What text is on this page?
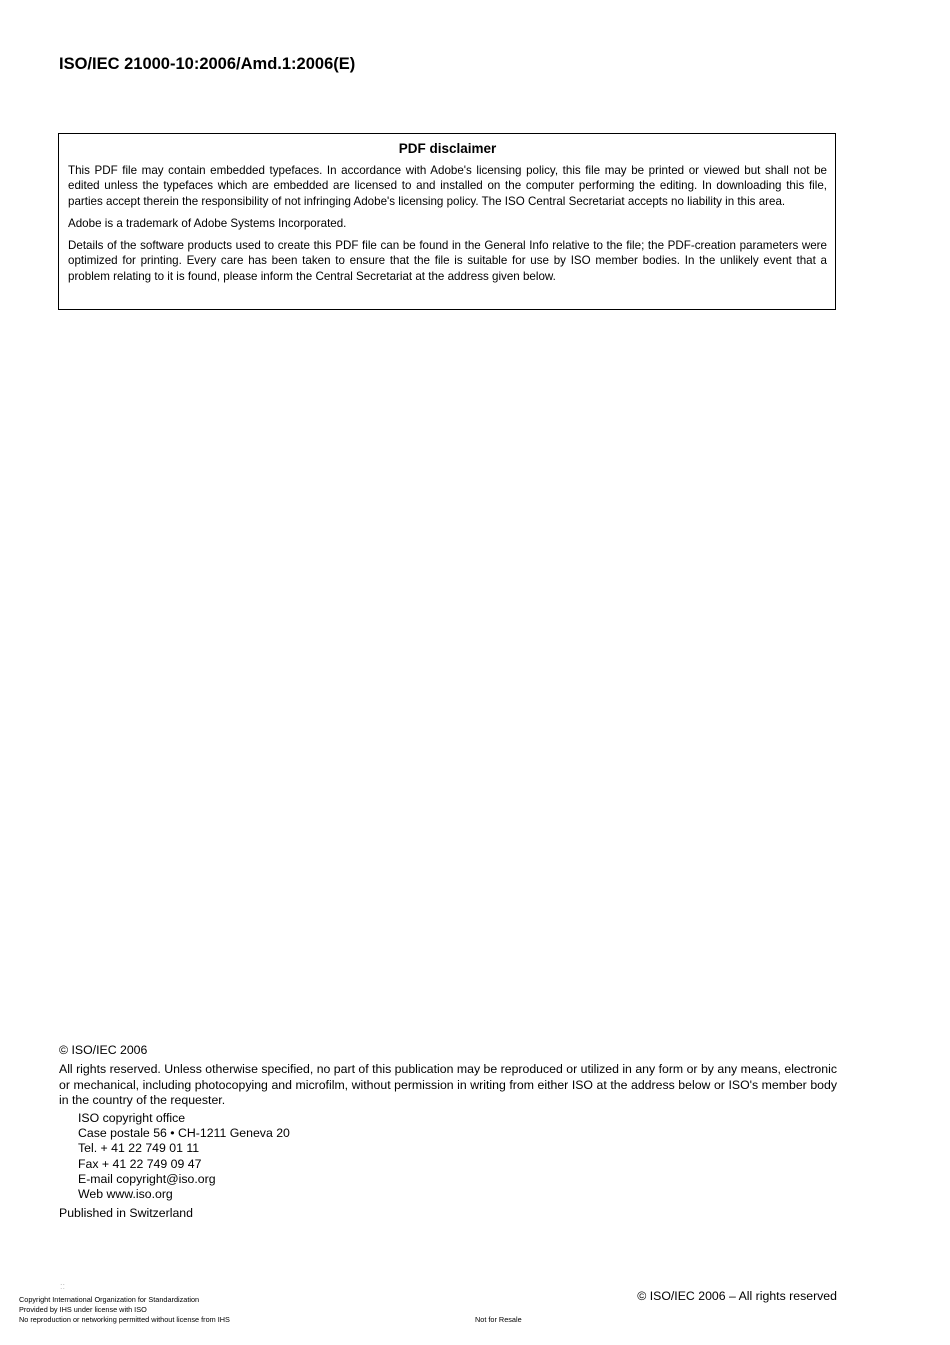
ISO/IEC 21000-10:2006/Amd.1:2006(E)
PDF disclaimer

This PDF file may contain embedded typefaces. In accordance with Adobe's licensing policy, this file may be printed or viewed but shall not be edited unless the typefaces which are embedded are licensed to and installed on the computer performing the editing. In downloading this file, parties accept therein the responsibility of not infringing Adobe's licensing policy. The ISO Central Secretariat accepts no liability in this area.

Adobe is a trademark of Adobe Systems Incorporated.

Details of the software products used to create this PDF file can be found in the General Info relative to the file; the PDF-creation parameters were optimized for printing. Every care has been taken to ensure that the file is suitable for use by ISO member bodies. In the unlikely event that a problem relating to it is found, please inform the Central Secretariat at the address given below.

© ISO/IEC 2006
All rights reserved. Unless otherwise specified, no part of this publication may be reproduced or utilized in any form or by any means, electronic or mechanical, including photocopying and microfilm, without permission in writing from either ISO at the address below or ISO's member body in the country of the requester.
ISO copyright office
Case postale 56 • CH-1211 Geneva 20
Tel. + 41 22 749 01 11
Fax + 41 22 749 09 47
E-mail copyright@iso.org
Web www.iso.org
Published in Switzerland
::
Copyright International Organization for Standardization
Provided by IHS under license with ISO
No reproduction or networking permitted without license from IHS	Not for Resale
© ISO/IEC 2006 – All rights reserved
